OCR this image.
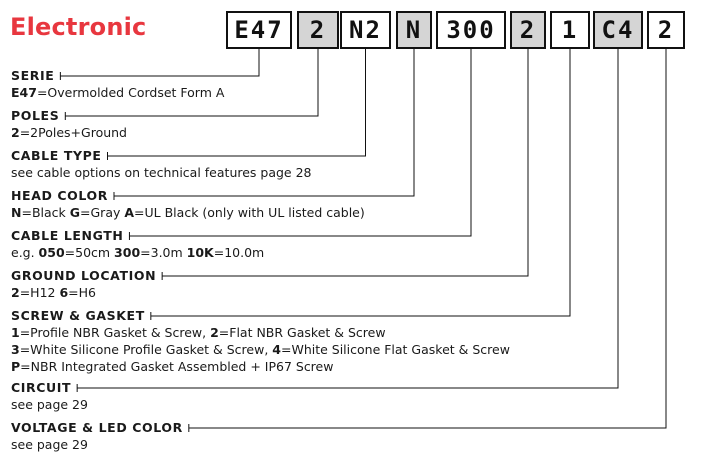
Electronic	E47	2 N2 N	300	2	1 C4 2
SERIE
E47=Overmolded Cordset Form A
POLES
2=2Poles+Ground
CABLE TYPE
see cable options on technical features page 28
HEAD COLOR
N=Black G=Gray A=UL Black (only with UL listed cable)
CABLE LENGTH
e.g. 050=50cm 300=3.0m 10K=10.0m
GROUND LOCATION
2=H12 6=H6
SCREW & GASKET
1=Profile NBR Gasket & Screw, 2=Flat NBR Gasket & Screw
3=White Silicone Profile Gasket & Screw, 4=White Silicone Flat Gasket & Screw
P=NBR Integrated Gasket Assembled + IP67 Screw
CIRCUIT
see page 29
VOLTAGE & LED COLOR
see page 29
